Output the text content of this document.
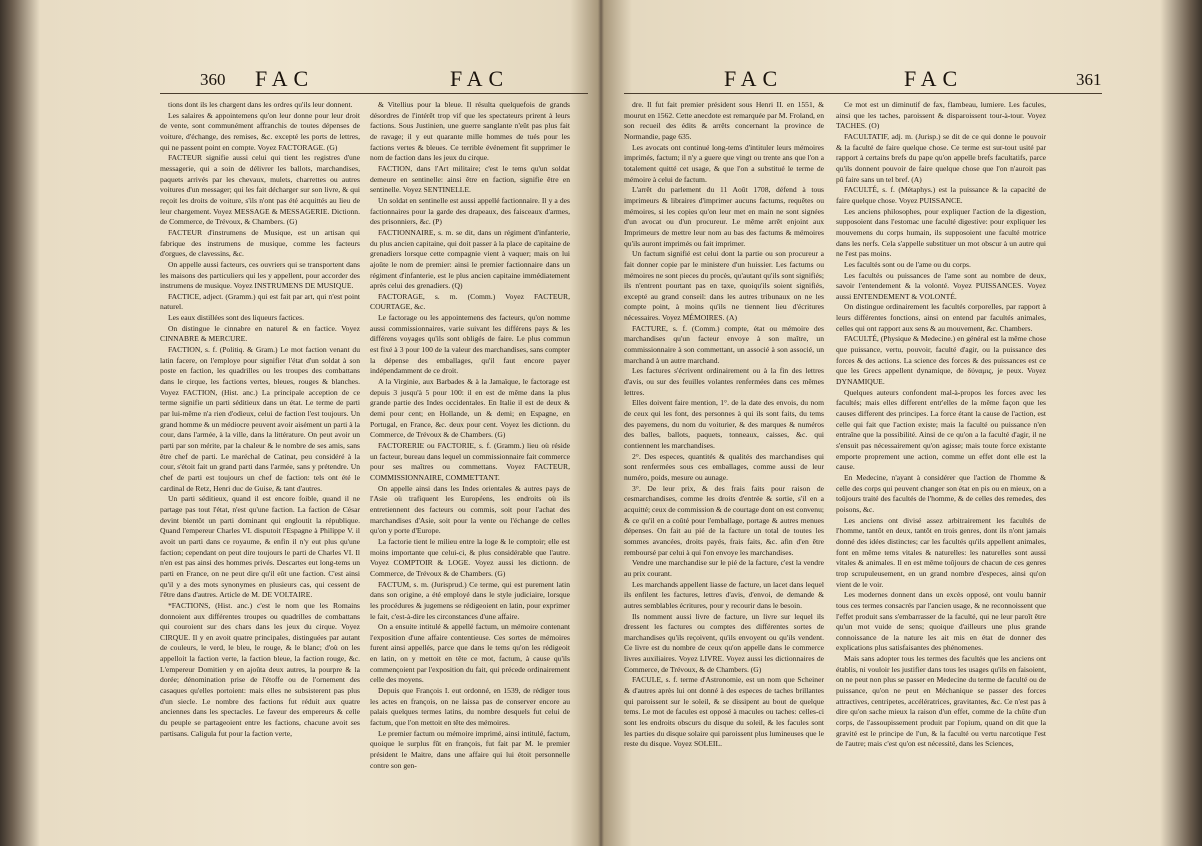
360 FAC	FAC

tions dont ils les chargent dans les ordres qu'ils leur donnent.

Les salaires & appointemens qu'on leur donne pour leur droit de vente, sont communément affranchis de toutes dépenses de voiture, d'échange, des remises, &c. excepté les ports de lettres, qui ne passent point en compte. Voyez FACTORAGE. (G)

FACTEUR signifie aussi celui qui tient les registres d'une messagerie, qui a soin de délivrer les ballots, marchandises, paquets arrivés par les chevaux, mulets, charrettes ou autres voitures d'un messager; qui les fait décharger sur son livre, & qui reçoit les droits de voiture, s'ils n'ont pas été acquittés au lieu de leur chargement. Voyez MESSAGE & MESSAGERIE. Dictionn. de Commerce, de Trévoux, & Chambers. (G)

FACTEUR d'instrumens de Musique, est un artisan qui fabrique des instrumens de musique, comme les facteurs d'orgues, de clavessins, &c.

On appelle aussi facteurs, ces ouvriers qui se transportent dans les maisons des particuliers qui les y appellent, pour accorder des instrumens de musique. Voyez INSTRUMENS DE MUSIQUE.

FACTICE, adject. (Gramm.) qui est fait par art, qui n'est point naturel.

Les eaux distillées sont des liqueurs factices.

On distingue le cinnabre en naturel & en factice. Voyez CINNABRE & MERCURE.

FACTION, s. f. (Politiq. & Gram.) Le mot faction venant du latin facere, on l'employe pour signifier l'état d'un soldat à son poste en faction, les quadrilles ou les troupes des combattans dans le cirque, les factions vertes, bleues, rouges & blanches. Voyez FACTION, (Hist. anc.) La principale acception de ce terme signifie un parti séditieux dans un état. Le terme de parti par lui-même n'a rien d'odieux, celui de faction l'est toujours. Un grand homme & un médiocre peuvent avoir aisément un parti à la cour, dans l'armée, à la ville, dans la littérature. On peut avoir un parti par son mérite, par la chaleur & le nombre de ses amis, sans être chef de parti. Le maréchal de Catinat, peu considéré à la cour, s'étoit fait un grand parti dans l'armée, sans y prétendre. Un chef de parti est toujours un chef de faction: tels ont été le cardinal de Retz, Henri duc de Guise, & tant d'autres.

Un parti séditieux, quand il est encore foible, quand il ne partage pas tout l'état, n'est qu'une faction. La faction de César devint bientôt un parti dominant qui engloutit la république. Quand l'empereur Charles VI. disputoit l'Espagne à Philippe V. il avoit un parti dans ce royaume, & enfin il n'y eut plus qu'une faction; cependant on peut dire toujours le parti de Charles VI. Il n'en est pas ainsi des hommes privés. Descartes eut long-tems un parti en France, on ne peut dire qu'il eût une faction. C'est ainsi qu'il y a des mots synonymes en plusieurs cas, qui cessent de l'être dans d'autres. Article de M. DE VOLTAIRE.

*FACTIONS, (Hist. anc.) c'est le nom que les Romains donnoient aux différentes troupes ou quadrilles de combattans qui couroient sur des chars dans les jeux du cirque. Voyez CIRQUE. Il y en avoit quatre principales, distinguées par autant de couleurs, le verd, le bleu, le rouge, & le blanc; d'où on les appelloit la faction verte, la faction bleue, la faction rouge, &c. L'empereur Domitien y en ajoûta deux autres, la pourpre & la dorée; dénomination prise de l'étoffe ou de l'ornement des casaques qu'elles portoient: mais elles ne subsisterent pas plus d'un siecle. Le nombre des factions fut réduit aux quatre anciennes dans les spectacles. Le faveur des empereurs & celle du peuple se partageoient entre les factions, chacune avoit ses partisans. Caligula fut pour la faction verte,

& Vitellius pour la bleue. Il résulta quelquefois de grands désordres de l'intérêt trop vif que les spectateurs prirent à leurs factions. Sous Justinien, une guerre sanglante n'eût pas plus fait de ravage; il y eut quarante mille hommes de tués pour les factions vertes & bleues. Ce terrible événement fit supprimer le nom de faction dans les jeux du cirque.

FACTION, dans l'Art militaire; c'est le tems qu'un soldat demeure en sentinelle: ainsi être en faction, signifie être en sentinelle. Voyez SENTINELLE.

Un soldat en sentinelle est aussi appellé factionnaire. Il y a des factionnaires pour la garde des drapeaux, des faisceaux d'armes, des prisonniers, &c. (P)

FACTIONNAIRE, s. m. se dit, dans un régiment d'infanterie, du plus ancien capitaine, qui doit passer à la place de capitaine de grenadiers lorsque cette compagnie vient à vaquer; mais on lui ajoûte le nom de premier: ainsi le premier factionnaire dans un régiment d'infanterie, est le plus ancien capitaine immédiatement après celui des grenadiers. (Q)

FACTORAGE, s. m. (Comm.) Voyez FACTEUR, COURTAGE, &c.

Le factorage ou les appointemens des facteurs, qu'on nomme aussi commissionnaires, varie suivant les différens pays & les différens voyages qu'ils sont obligés de faire. Le plus commun est fixé à 3 pour 100 de la valeur des marchandises, sans compter la dépense des emballages, qu'il faut encore payer indépendamment de ce droit.

A la Virginie, aux Barbades & à la Jamaïque, le factorage est depuis 3 jusqu'à 5 pour 100: il en est de même dans la plus grande partie des Indes occidentales. En Italie il est de deux & demi pour cent; en Hollande, un & demi; en Espagne, en Portugal, en France, &c. deux pour cent. Voyez les dictionn. du Commerce, de Trévoux & de Chambers. (G)

FACTORERIE ou FACTORIE, s. f. (Gramm.) lieu où réside un facteur, bureau dans lequel un commissionnaire fait commerce pour ses maîtres ou commettans. Voyez FACTEUR, COMMISSIONNAIRE, COMMETTANT.

On appelle ainsi dans les Indes orientales & autres pays de l'Asie où trafiquent les Européens, les endroits où ils entretiennent des facteurs ou commis, soit pour l'achat des marchandises d'Asie, soit pour la vente ou l'échange de celles qu'on y porte d'Europe.

La factorie tient le milieu entre la loge & le comptoir; elle est moins importante que celui-ci, & plus considérable que l'autre. Voyez COMPTOIR & LOGE. Voyez aussi les dictionn. de Commerce, de Trévoux & de Chambers. (G)

FACTUM, s. m. (Jurisprud.) Ce terme, qui est purement latin dans son origine, a été employé dans le style judiciaire, lorsque les procédures & jugemens se rédigeoient en latin, pour exprimer le fait, c'est-à-dire les circonstances d'une affaire.

On a ensuite intitulé & appellé factum, un mémoire contenant l'exposition d'une affaire contentieuse. Ces sortes de mémoires furent ainsi appellés, parce que dans le tems qu'on les rédigeoit en latin, on y mettoit en tête ce mot, factum, à cause qu'ils commençoient par l'exposition du fait, qui précede ordinairement celle des moyens.

Depuis que François I. eut ordonné, en 1539, de rédiger tous les actes en françois, on ne laissa pas de conserver encore au palais quelques termes latins, du nombre desquels fut celui de factum, que l'on mettoit en tête des mémoires.

Le premier factum ou mémoire imprimé, ainsi intitulé, factum, quoique le surplus fût en françois, fut fait par M. le premier président le Maitre, dans une affaire qui lui étoit personnelle contre son gen-

FAC	FAC	361

dre. Il fut fait premier président sous Henri II. en 1551, & mourut en 1562. Cette anecdote est remarquée par M. Froland, en son recueil des édits & arrêts concernant la province de Normandie, page 635.

Les avocats ont continué long-tems d'intituler leurs mémoires imprimés, factum; il n'y a guere que vingt ou trente ans que l'on a totalement quitté cet usage, & que l'on a substitué le terme de mémoire à celui de factum.

L'arrêt du parlement du 11 Août 1708, défend à tous imprimeurs & libraires d'imprimer aucuns factums, requêtes ou mémoires, si les copies qu'on leur met en main ne sont signées d'un avocat ou d'un procureur. Le même arrêt enjoint aux Imprimeurs de mettre leur nom au bas des factums & mémoires qu'ils auront imprimés ou fait imprimer.

Un factum signifié est celui dont la partie ou son procureur a fait donner copie par le ministere d'un huissier. Les factums ou mémoires ne sont pieces du procès, qu'autant qu'ils sont signifiés; ils n'entrent pourtant pas en taxe, quoiqu'ils soient signifiés, excepté au grand conseil: dans les autres tribunaux on ne les compte point, à moins qu'ils ne tiennent lieu d'écritures nécessaires. Voyez MÉMOIRES. (A)

FACTURE, s. f. (Comm.) compte, état ou mémoire des marchandises qu'un facteur envoye à son maître, un commissionnaire à son commettant, un associé à son associé, un marchand à un autre marchand.

Les factures s'écrivent ordinairement ou à la fin des lettres d'avis, ou sur des feuilles volantes renfermées dans ces mêmes lettres.

Elles doivent faire mention, 1°. de la date des envois, du nom de ceux qui les font, des personnes à qui ils sont faits, du tems des payemens, du nom du voiturier, & des marques & numéros des balles, ballots, paquets, tonneaux, caisses, &c. qui contiennent les marchandises.

2°. Des especes, quantités & qualités des marchandises qui sont renfermées sous ces emballages, comme aussi de leur numéro, poids, mesure ou aunage.

3°. De leur prix, & des frais faits pour raison de cesmarchandises, comme les droits d'entrée & sortie, s'il en a acquitté; ceux de commission & de courtage dont on est convenu; & ce qu'il en a coûté pour l'emballage, portage & autres menues dépenses. On fait au pié de la facture un total de toutes les sommes avancées, droits payés, frais faits, &c. afin d'en être remboursé par celui à qui l'on envoye les marchandises.

Vendre une marchandise sur le pié de la facture, c'est la vendre au prix courant.

Les marchands appellent liasse de facture, un lacet dans lequel ils enfilent les factures, lettres d'avis, d'envoi, de demande & autres semblables écritures, pour y recourir dans le besoin.

Ils nomment aussi livre de facture, un livre sur lequel ils dressent les factures ou comptes des différentes sortes de marchandises qu'ils reçoivent, qu'ils envoyent ou qu'ils vendent. Ce livre est du nombre de ceux qu'on appelle dans le commerce livres auxiliaires. Voyez LIVRE. Voyez aussi les dictionnaires de Commerce, de Trévoux, & de Chambers. (G)

FACULE, s. f. terme d'Astronomie, est un nom que Scheiner & d'autres après lui ont donné à des especes de taches brillantes qui paroissent sur le soleil, & se dissipent au bout de quelque tems. Le mot de facules est opposé à macules ou taches: celles-ci sont les endroits obscurs du disque du soleil, & les facules sont les parties du disque solaire qui paroissent plus lumineuses que le reste du disque. Voyez SOLEIL.

Ce mot est un diminutif de fax, flambeau, lumiere. Les facules, ainsi que les taches, paroissent & disparoissent tour-à-tour. Voyez TACHES. (O)

FACULTATIF, adj. m. (Jurisp.) se dit de ce qui donne le pouvoir & la faculté de faire quelque chose. Ce terme est sur-tout usité par rapport à certains brefs du pape qu'on appelle brefs facultatifs, parce qu'ils donnent pouvoir de faire quelque chose que l'on n'auroit pas pû faire sans un tel bref. (A)

FACULTÉ, s. f. (Métaphys.) est la puissance & la capacité de faire quelque chose. Voyez PUISSANCE.

Les anciens philosophes, pour expliquer l'action de la digestion, supposoient dans l'estomac une faculté digestive: pour expliquer les mouvemens du corps humain, ils supposoient une faculté motrice dans les nerfs. Cela s'appelle substituer un mot obscur à un autre qui ne l'est pas moins.

Les facultés sont ou de l'ame ou du corps.

Les facultés ou puissances de l'ame sont au nombre de deux, savoir l'entendement & la volonté. Voyez PUISSANCES. Voyez aussi ENTENDEMENT & VOLONTÉ.

On distingue ordinairement les facultés corporelles, par rapport à leurs différentes fonctions, ainsi on entend par facultés animales, celles qui ont rapport aux sens & au mouvement, &c. Chambers.

FACULTÉ, (Physique & Medecine.) en général est la même chose que puissance, vertu, pouvoir, faculté d'agir, ou la puissance des forces & des actions. La science des forces & des puissances est ce que les Grecs appellent dynamique, de δύναμις, je peux. Voyez DYNAMIQUE.

Quelques auteurs confondent mal-à-propos les forces avec les facultés; mais elles different entr'elles de la même façon que les causes different des principes. La force étant la cause de l'action, est celle qui fait que l'action existe; mais la faculté ou puissance n'en entraîne que la possibilité. Ainsi de ce qu'on a la faculté d'agir, il ne s'ensuit pas nécessairement qu'on agisse; mais toute force existante emporte proprement une action, comme un effet dont elle est la cause.

En Medecine, n'ayant à considérer que l'action de l'homme & celle des corps qui peuvent changer son état en pis ou en mieux, on a toûjours traité des facultés de l'homme, & de celles des remedes, des poisons, &c.

Les anciens ont divisé assez arbitrairement les facultés de l'homme, tantôt en deux, tantôt en trois genres, dont ils n'ont jamais donné des idées distinctes; car les facultés qu'ils appellent animales, font en même tems vitales & naturelles: les naturelles sont aussi vitales & animales. Il en est même toûjours de chacun de ces genres trop scrupuleusement, en un grand nombre d'especes, ainsi qu'on vient de le voir.

Les modernes donnent dans un excès opposé, ont voulu bannir tous ces termes consacrés par l'ancien usage, & ne reconnoissent que l'effet produit sans s'embarrasser de la faculté, qui ne leur paroît être qu'un mot vuide de sens; quoique d'ailleurs une plus grande connoissance de la nature les ait mis en état de donner des explications plus satisfaisantes des phénomenes.

Mais sans adopter tous les termes des facultés que les anciens ont établis, ni vouloir les justifier dans tous les usages qu'ils en faisoient, on ne peut non plus se passer en Medecine du terme de faculté ou de puissance, qu'on ne peut en Méchanique se passer des forces attractives, centripetes, accélératrices, gravitantes, &c. Ce n'est pas à dire qu'on sache mieux la raison d'un effet, comme de la chûte d'un corps, de l'assoupissement produit par l'opium, quand on dit que la gravité est le principe de l'un, & la faculté ou vertu narcotique l'est de l'autre; mais c'est qu'on est nécessité, dans les Sciences,
